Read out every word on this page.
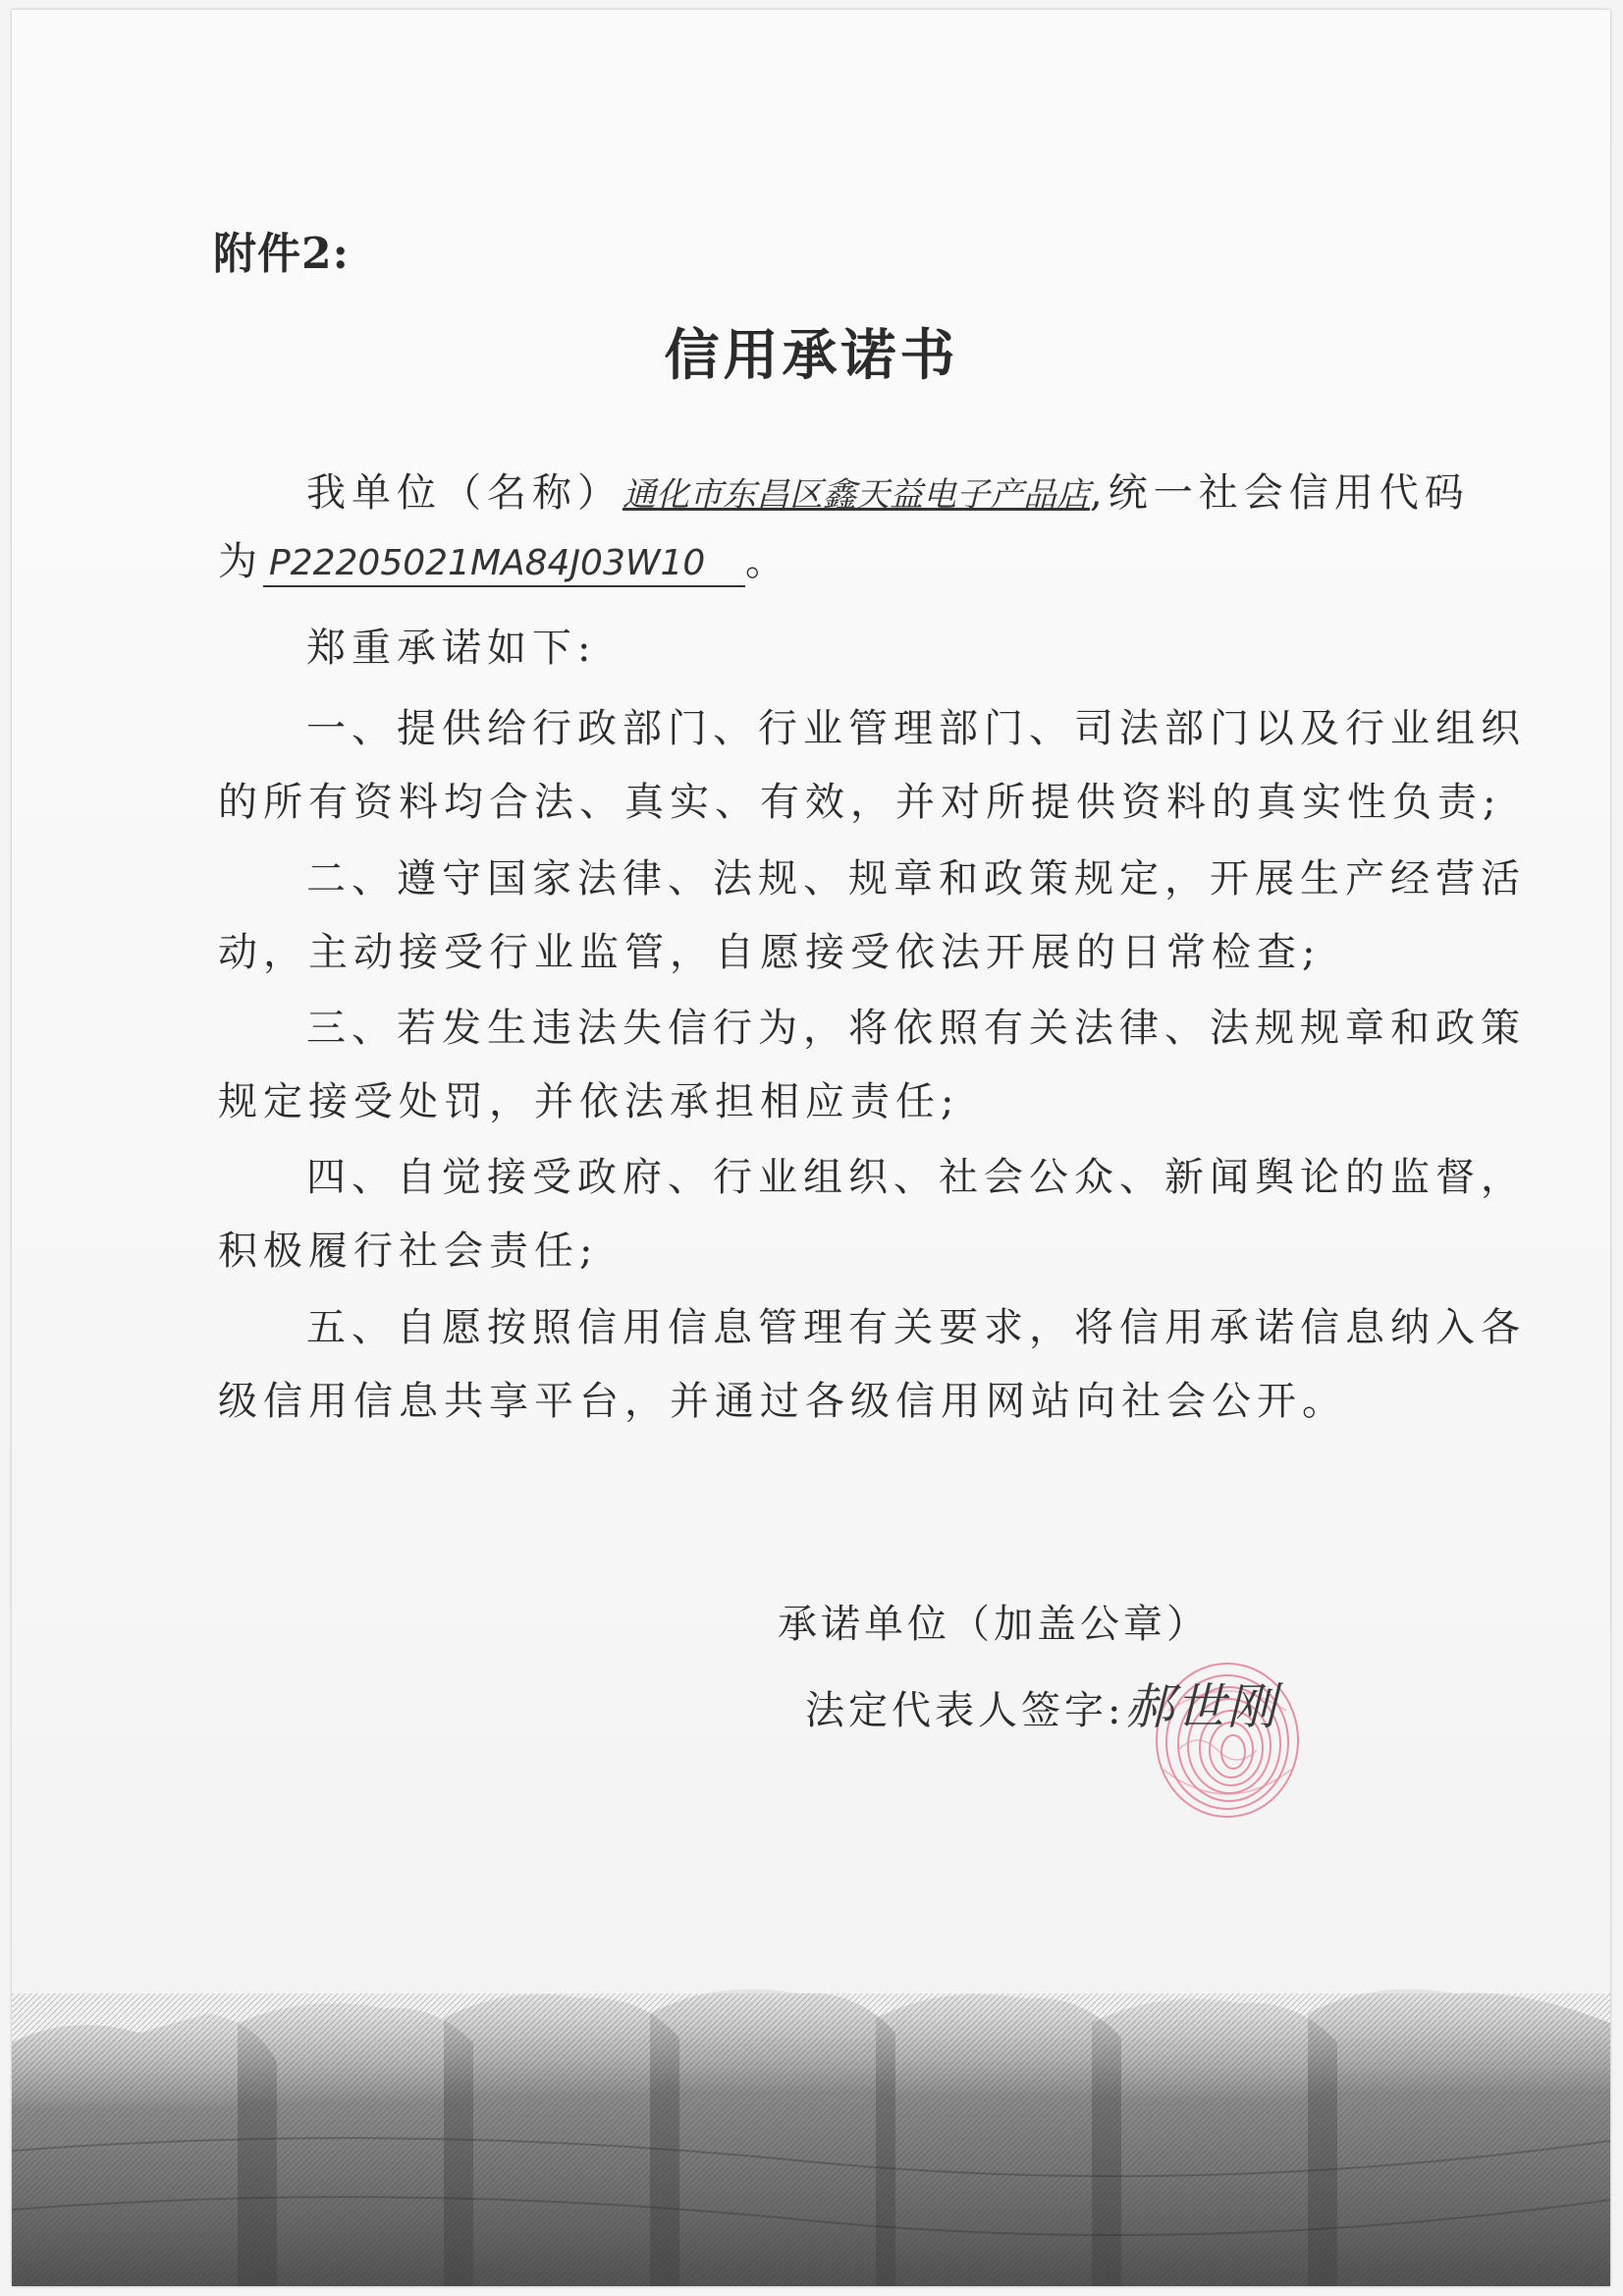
附件2:
信用承诺书
我单位（名称）通化市东昌区鑫天益电子产品店,统一社会信用代码
为 P22205021MA84J03W10 。
郑重承诺如下:
一、提供给行政部门、行业管理部门、司法部门以及行业组织
的所有资料均合法、真实、有效，并对所提供资料的真实性负责;
二、遵守国家法律、法规、规章和政策规定，开展生产经营活
动，主动接受行业监管，自愿接受依法开展的日常检查;
三、若发生违法失信行为，将依照有关法律、法规规章和政策
规定接受处罚，并依法承担相应责任;
四、自觉接受政府、行业组织、社会公众、新闻舆论的监督，
积极履行社会责任;
五、自愿按照信用信息管理有关要求，将信用承诺信息纳入各
级信用信息共享平台，并通过各级信用网站向社会公开。
承诺单位（加盖公章）
法定代表人签字:郝世刚
